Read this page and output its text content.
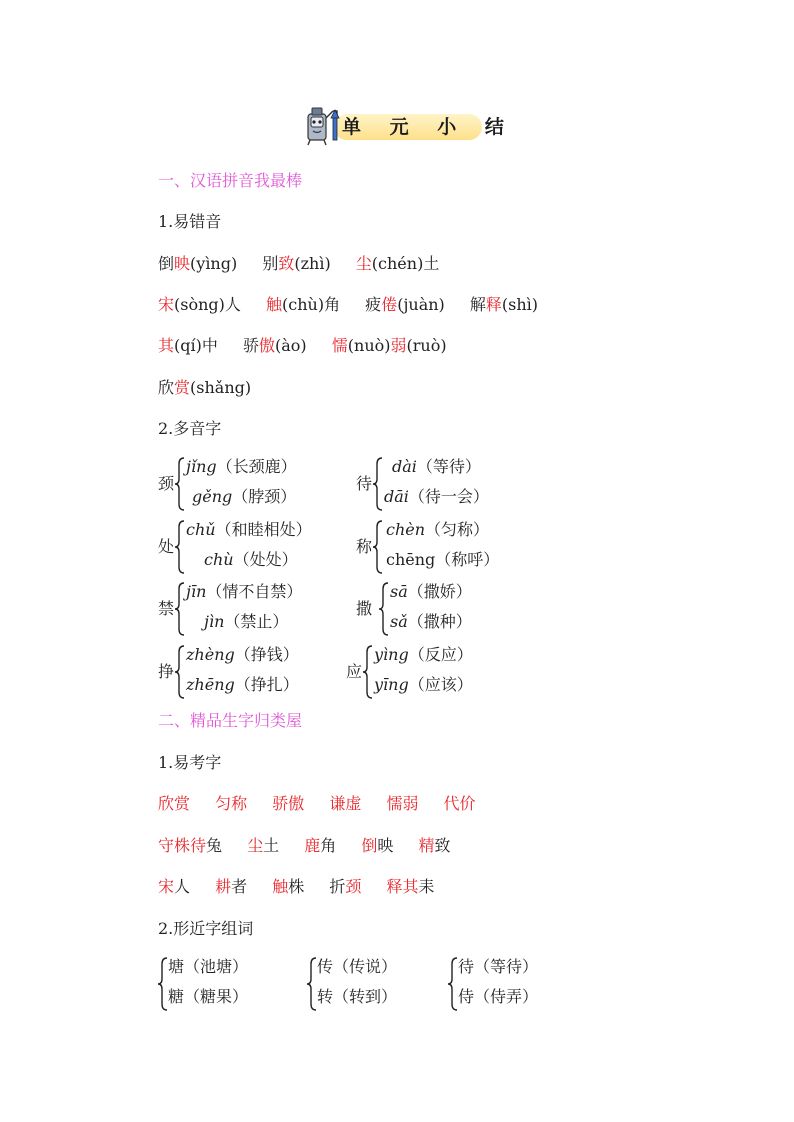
单 元 小 结
一、汉语拼音我最棒
1.易错音
倒映(yìng) 别致(zhì) 尘(chén)土
宋(sòng)人 触(chù)角 疲倦(juàn) 解释(shì)
其(qí)中 骄傲(ào) 懦(nuò)弱(ruò)
欣赏(shǎng)
2.多音字
颈
jǐng（长颈鹿）
gěng（脖颈）
处
chǔ（和睦相处）
chù（处处）
禁
jīn（情不自禁）
jìn（禁止）
挣
zhèng（挣钱）
zhēng（挣扎）
待
dài（等待）
dāi（待一会）
称
chèn（匀称）
chēng（称呼）
撒
sā（撒娇）
sǎ（撒种）
应
yìng（反应）
yīng（应该）
二、精品生字归类屋
1.易考字
欣赏 匀称 骄傲 谦虚 懦弱 代价
守株待兔 尘土 鹿角 倒映 精致
宋人 耕者 触株 折颈 释其耒
2.形近字组词
塘（池塘）
糖（糖果）
传（传说）
转（转到）
待（等待）
侍（侍弄）
